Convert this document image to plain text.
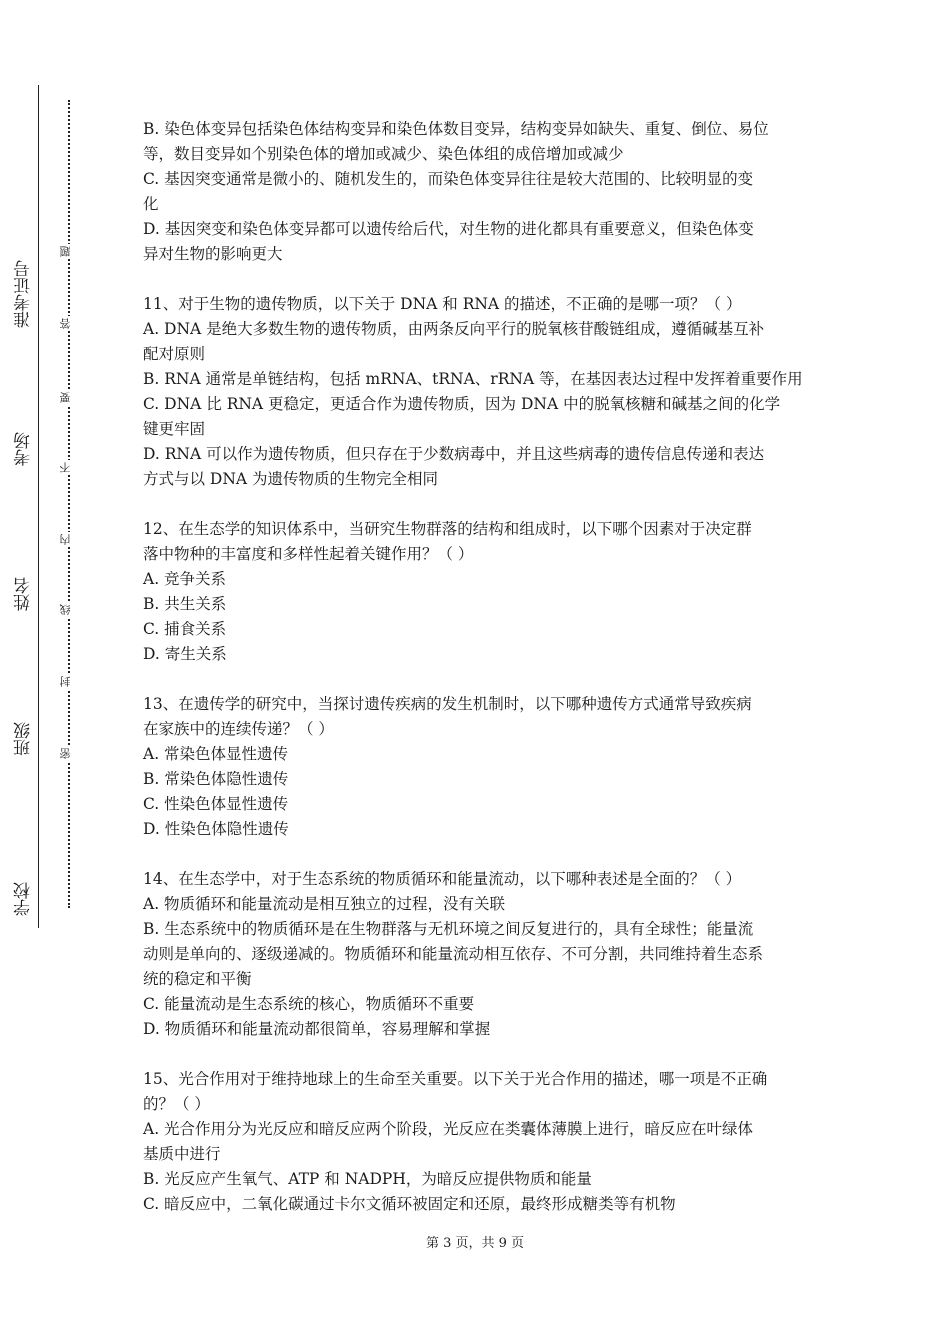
准考证号
考场
姓名
班级
学校
题
答
要
不
内
线
封
密

B. 染色体变异包括染色体结构变异和染色体数目变异，结构变异如缺失、重复、倒位、易位

等，数目变异如个别染色体的增加或减少、染色体组的成倍增加或减少

C. 基因突变通常是微小的、随机发生的，而染色体变异往往是较大范围的、比较明显的变

化

D. 基因突变和染色体变异都可以遗传给后代，对生物的进化都具有重要意义，但染色体变

异对生物的影响更大

11、对于生物的遗传物质，以下关于 DNA 和 RNA 的描述，不正确的是哪一项？（ ）

A. DNA 是绝大多数生物的遗传物质，由两条反向平行的脱氧核苷酸链组成，遵循碱基互补

配对原则

B. RNA 通常是单链结构，包括 mRNA、tRNA、rRNA 等，在基因表达过程中发挥着重要作用

C. DNA 比 RNA 更稳定，更适合作为遗传物质，因为 DNA 中的脱氧核糖和碱基之间的化学

键更牢固

D. RNA 可以作为遗传物质，但只存在于少数病毒中，并且这些病毒的遗传信息传递和表达

方式与以 DNA 为遗传物质的生物完全相同

12、在生态学的知识体系中，当研究生物群落的结构和组成时，以下哪个因素对于决定群

落中物种的丰富度和多样性起着关键作用？（ ）

A. 竞争关系

B. 共生关系

C. 捕食关系

D. 寄生关系

13、在遗传学的研究中，当探讨遗传疾病的发生机制时，以下哪种遗传方式通常导致疾病

在家族中的连续传递？（ ）

A. 常染色体显性遗传

B. 常染色体隐性遗传

C. 性染色体显性遗传

D. 性染色体隐性遗传

14、在生态学中，对于生态系统的物质循环和能量流动，以下哪种表述是全面的？（ ）

A. 物质循环和能量流动是相互独立的过程，没有关联

B. 生态系统中的物质循环是在生物群落与无机环境之间反复进行的，具有全球性；能量流

动则是单向的、逐级递减的。物质循环和能量流动相互依存、不可分割，共同维持着生态系

统的稳定和平衡

C. 能量流动是生态系统的核心，物质循环不重要

D. 物质循环和能量流动都很简单，容易理解和掌握

15、光合作用对于维持地球上的生命至关重要。以下关于光合作用的描述，哪一项是不正确

的？（ ）

A. 光合作用分为光反应和暗反应两个阶段，光反应在类囊体薄膜上进行，暗反应在叶绿体

基质中进行

B. 光反应产生氧气、ATP 和 NADPH，为暗反应提供物质和能量

C. 暗反应中，二氧化碳通过卡尔文循环被固定和还原，最终形成糖类等有机物

第 3 页，共 9 页
